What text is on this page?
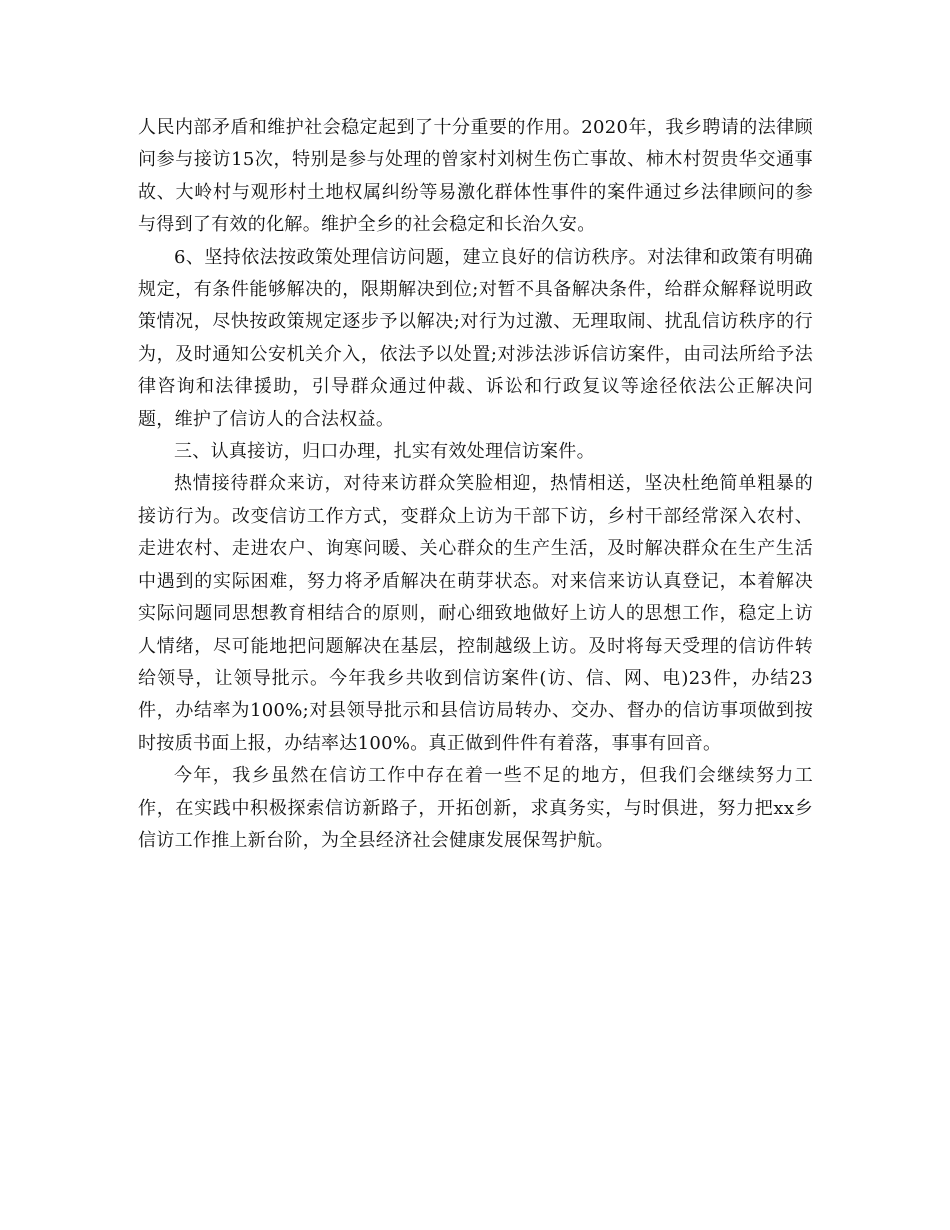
人民内部矛盾和维护社会稳定起到了十分重要的作用。2020年，我乡聘请的法律顾问参与接访15次，特别是参与处理的曾家村刘树生伤亡事故、柿木村贺贵华交通事故、大岭村与观形村土地权属纠纷等易激化群体性事件的案件通过乡法律顾问的参与得到了有效的化解。维护全乡的社会稳定和长治久安。

6、坚持依法按政策处理信访问题，建立良好的信访秩序。对法律和政策有明确规定，有条件能够解决的，限期解决到位;对暂不具备解决条件，给群众解释说明政策情况，尽快按政策规定逐步予以解决;对行为过激、无理取闹、扰乱信访秩序的行为，及时通知公安机关介入，依法予以处置;对涉法涉诉信访案件，由司法所给予法律咨询和法律援助，引导群众通过仲裁、诉讼和行政复议等途径依法公正解决问题，维护了信访人的合法权益。

三、认真接访，归口办理，扎实有效处理信访案件。

热情接待群众来访，对待来访群众笑脸相迎，热情相送，坚决杜绝简单粗暴的接访行为。改变信访工作方式，变群众上访为干部下访，乡村干部经常深入农村、走进农村、走进农户、询寒问暖、关心群众的生产生活，及时解决群众在生产生活中遇到的实际困难，努力将矛盾解决在萌芽状态。对来信来访认真登记，本着解决实际问题同思想教育相结合的原则，耐心细致地做好上访人的思想工作，稳定上访人情绪，尽可能地把问题解决在基层，控制越级上访。及时将每天受理的信访件转给领导，让领导批示。今年我乡共收到信访案件(访、信、网、电)23件，办结23件，办结率为100%;对县领导批示和县信访局转办、交办、督办的信访事项做到按时按质书面上报，办结率达100%。真正做到件件有着落，事事有回音。

今年，我乡虽然在信访工作中存在着一些不足的地方，但我们会继续努力工作，在实践中积极探索信访新路子，开拓创新，求真务实，与时俱进，努力把xx乡信访工作推上新台阶，为全县经济社会健康发展保驾护航。
